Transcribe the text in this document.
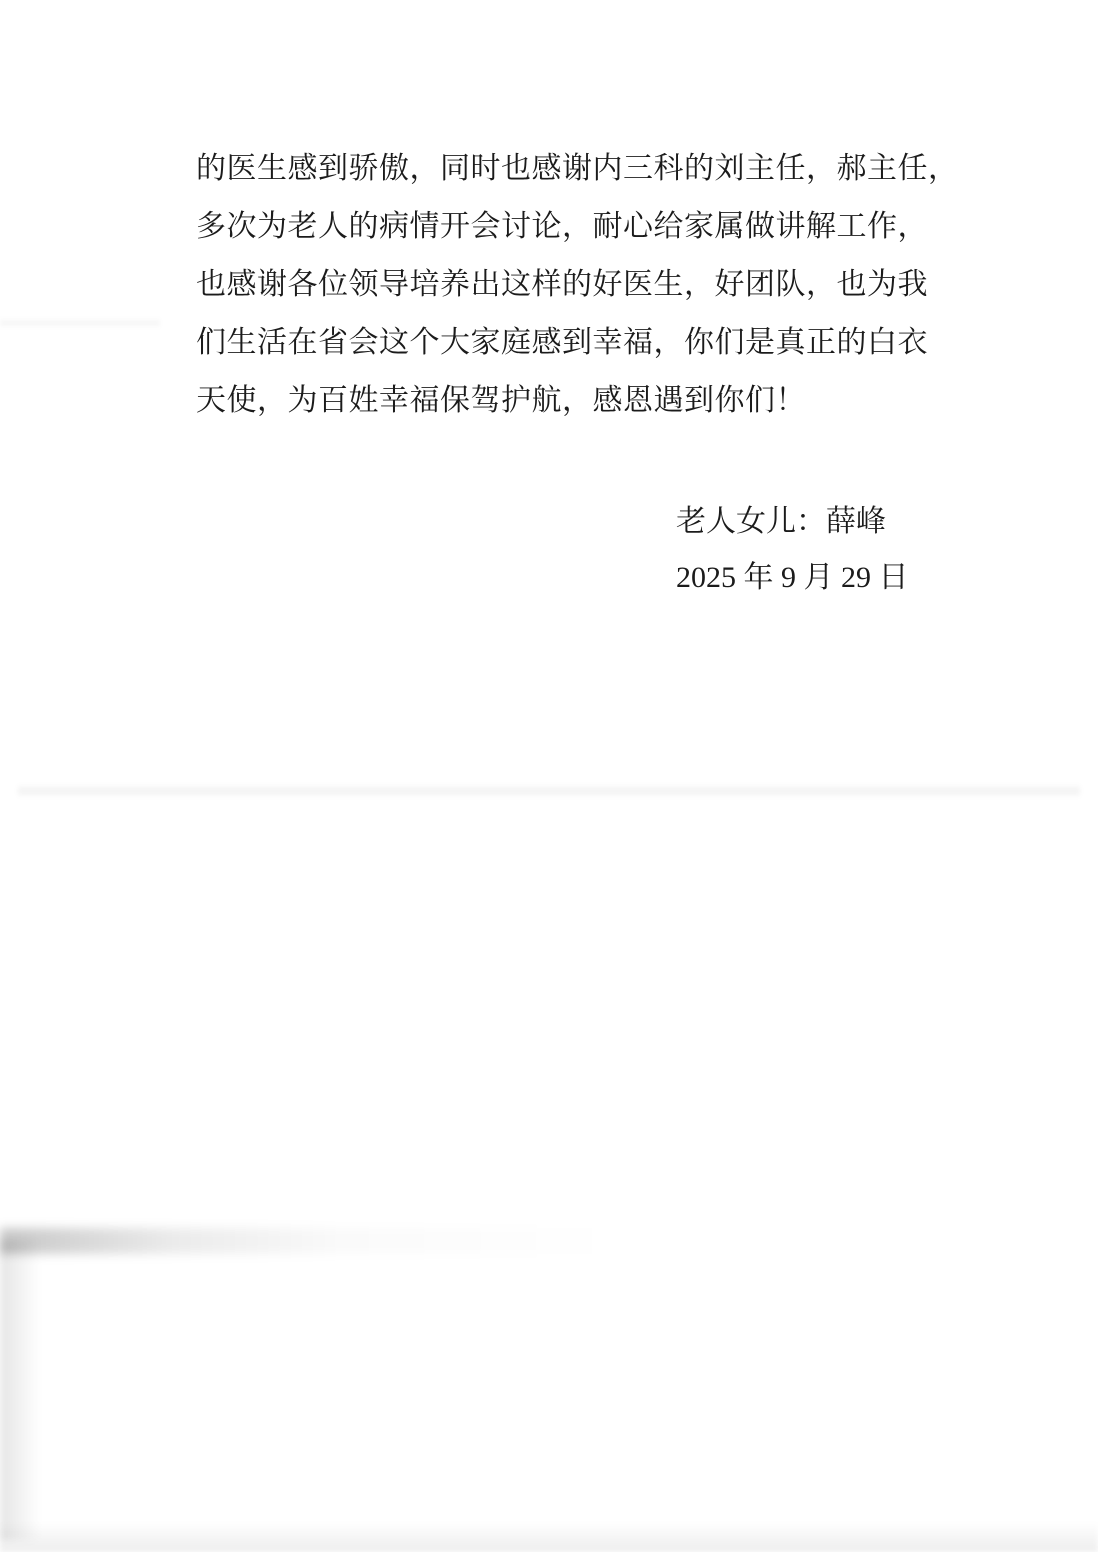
的医生感到骄傲，同时也感谢内三科的刘主任，郝主任，
多次为老人的病情开会讨论，耐心给家属做讲解工作，
也感谢各位领导培养出这样的好医生，好团队，也为我
们生活在省会这个大家庭感到幸福，你们是真正的白衣
天使，为百姓幸福保驾护航，感恩遇到你们！
老人女儿：薛峰
2025 年 9 月 29 日
